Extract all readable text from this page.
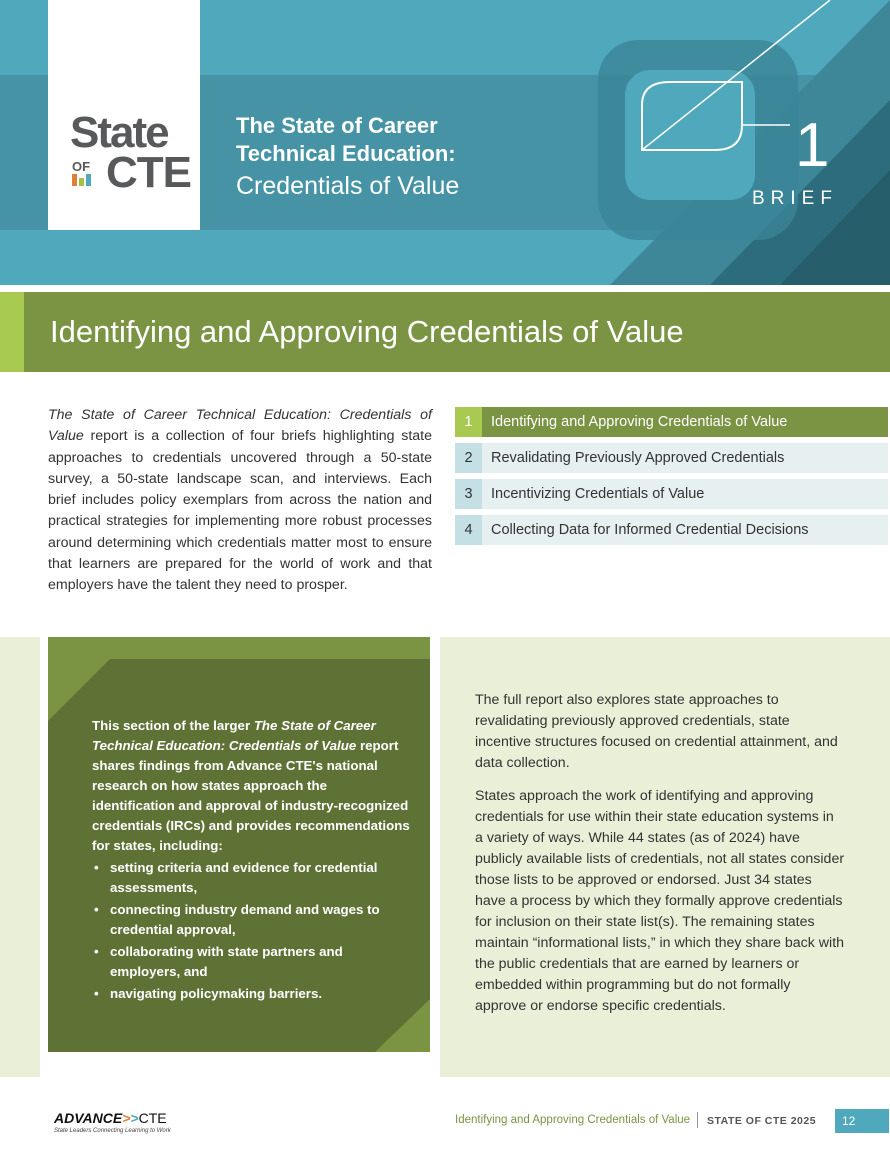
State
OF CTE
The State of Career
Technical Education:
Credentials of Value
1
BRIEF
Identifying and Approving Credentials of Value

The State of Career Technical Education: Credentials of Value report is a collection of four briefs highlighting state approaches to credentials uncovered through a 50-state survey, a 50-state landscape scan, and interviews. Each brief includes policy exemplars from across the nation and practical strategies for implementing more robust processes around determining which credentials matter most to ensure that learners are prepared for the world of work and that employers have the talent they need to prosper.

1	Identifying and Approving Credentials of Value
2	Revalidating Previously Approved Credentials
3	Incentivizing Credentials of Value
4	Collecting Data for Informed Credential Decisions
This section of the larger The State of Career Technical Education: Credentials of Value report shares findings from Advance CTE's national research on how states approach the identification and approval of industry-recognized credentials (IRCs) and provides recommendations for states, including:
• setting criteria and evidence for credential assessments,
• connecting industry demand and wages to credential approval,
• collaborating with state partners and employers, and
• navigating policymaking barriers.

The full report also explores state approaches to revalidating previously approved credentials, state incentive structures focused on credential attainment, and data collection.

States approach the work of identifying and approving credentials for use within their state education systems in a variety of ways. While 44 states (as of 2024) have publicly available lists of credentials, not all states consider those lists to be approved or endorsed. Just 34 states have a process by which they formally approve credentials for inclusion on their state list(s). The remaining states maintain “informational lists,” in which they share back with the public credentials that are earned by learners or embedded within programming but do not formally approve or endorse specific credentials.

ADVANCE>>CTE
State Leaders Connecting Learning to Work
Identifying and Approving Credentials of Value STATE OF CTE 2025	12
